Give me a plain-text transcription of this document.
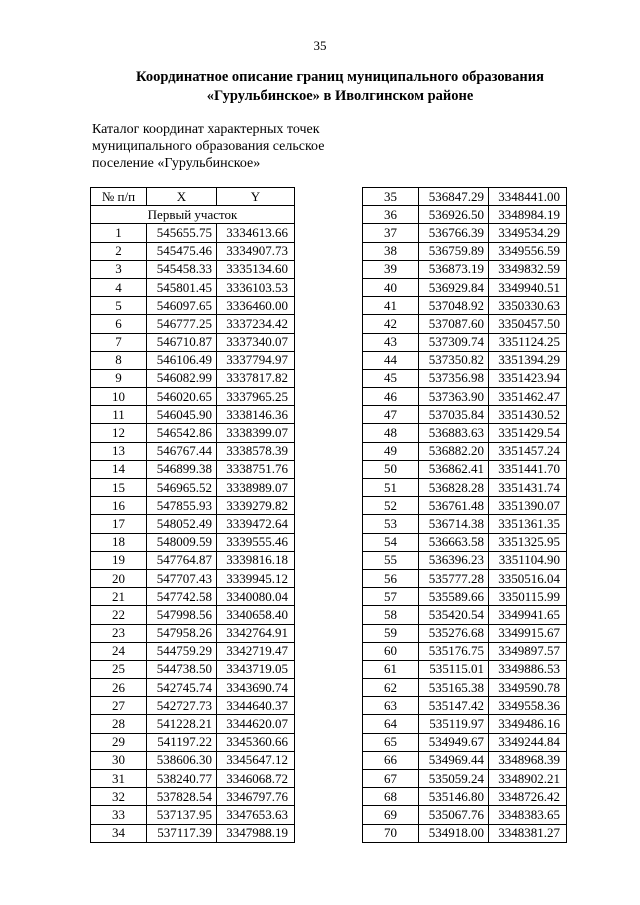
35
Координатное описание границ муниципального образования
«Гурульбинское» в Иволгинском районе
Каталог координат характерных точек
муниципального образования сельское
поселение «Гурульбинское»
№ п/п	X	Y
Первый участок		
1	545655.75	3334613.66
2	545475.46	3334907.73
3	545458.33	3335134.60
4	545801.45	3336103.53
5	546097.65	3336460.00
6	546777.25	3337234.42
7	546710.87	3337340.07
8	546106.49	3337794.97
9	546082.99	3337817.82
10	546020.65	3337965.25
11	546045.90	3338146.36
12	546542.86	3338399.07
13	546767.44	3338578.39
14	546899.38	3338751.76
15	546965.52	3338989.07
16	547855.93	3339279.82
17	548052.49	3339472.64
18	548009.59	3339555.46
19	547764.87	3339816.18
20	547707.43	3339945.12
21	547742.58	3340080.04
22	547998.56	3340658.40
23	547958.26	3342764.91
24	544759.29	3342719.47
25	544738.50	3343719.05
26	542745.74	3343690.74
27	542727.73	3344640.37
28	541228.21	3344620.07
29	541197.22	3345360.66
30	538606.30	3345647.12
31	538240.77	3346068.72
32	537828.54	3346797.76
33	537137.95	3347653.63
34	537117.39	3347988.19
35	536847.29	3348441.00
36	536926.50	3348984.19
37	536766.39	3349534.29
38	536759.89	3349556.59
39	536873.19	3349832.59
40	536929.84	3349940.51
41	537048.92	3350330.63
42	537087.60	3350457.50
43	537309.74	3351124.25
44	537350.82	3351394.29
45	537356.98	3351423.94
46	537363.90	3351462.47
47	537035.84	3351430.52
48	536883.63	3351429.54
49	536882.20	3351457.24
50	536862.41	3351441.70
51	536828.28	3351431.74
52	536761.48	3351390.07
53	536714.38	3351361.35
54	536663.58	3351325.95
55	536396.23	3351104.90
56	535777.28	3350516.04
57	535589.66	3350115.99
58	535420.54	3349941.65
59	535276.68	3349915.67
60	535176.75	3349897.57
61	535115.01	3349886.53
62	535165.38	3349590.78
63	535147.42	3349558.36
64	535119.97	3349486.16
65	534949.67	3349244.84
66	534969.44	3348968.39
67	535059.24	3348902.21
68	535146.80	3348726.42
69	535067.76	3348383.65
70	534918.00	3348381.27
